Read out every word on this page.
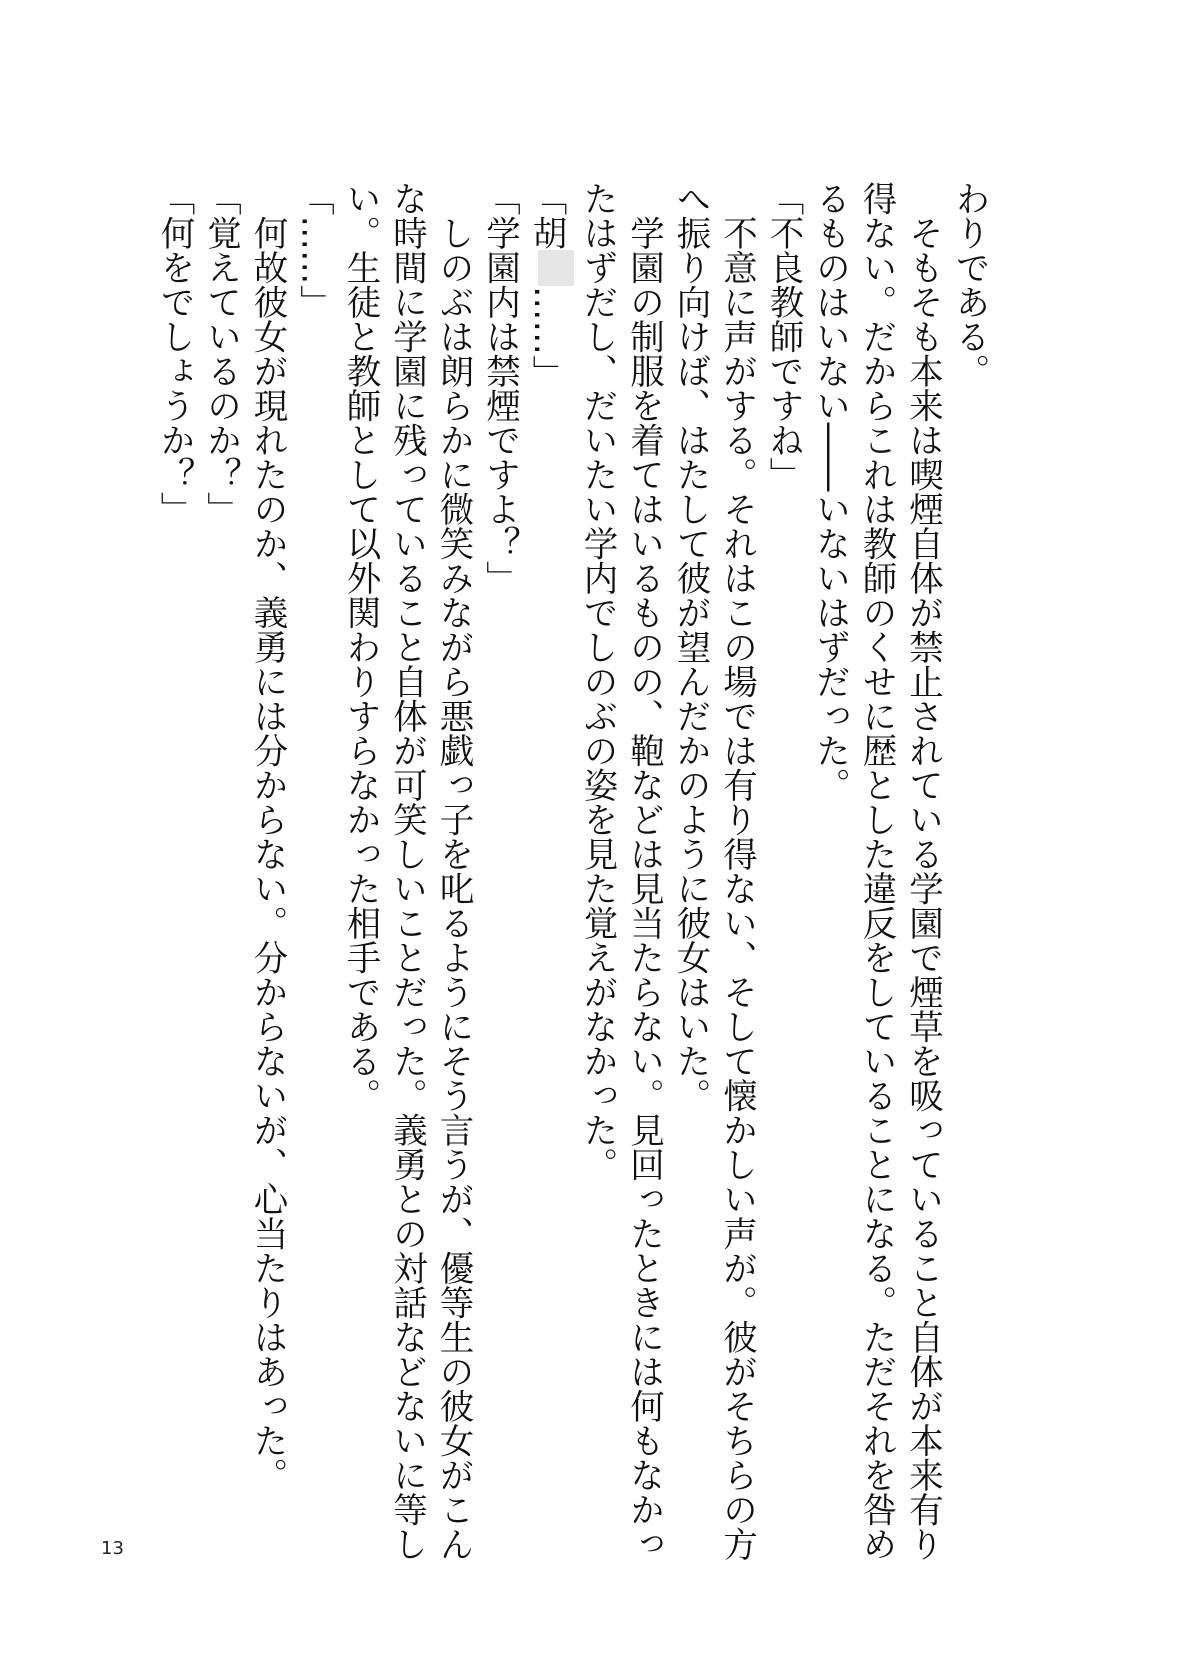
わりである。
　そもそも本来は喫煙自体が禁止されている学園で煙草を吸っていること自体が本来有り
得ない。だからこれは教師のくせに歴とした違反をしていることになる。ただそれを咎め
るものはいない――いないはずだった。
「不良教師ですね」
　不意に声がする。それはこの場では有り得ない、そして懐かしい声が。彼がそちらの方
へ振り向けば、はたして彼が望んだかのように彼女はいた。
　学園の制服を着てはいるものの、鞄などは見当たらない。見回ったときには何もなかっ
たはずだし、だいたい学内でしのぶの姿を見た覚えがなかった。
「胡……」
「学園内は禁煙ですよ？」
　しのぶは朗らかに微笑みながら悪戯っ子を叱るようにそう言うが、優等生の彼女がこん
な時間に学園に残っていること自体が可笑しいことだった。義勇との対話などないに等し
い。生徒と教師として以外関わりすらなかった相手である。
「……」
　何故彼女が現れたのか、義勇には分からない。分からないが、心当たりはあった。
「覚えているのか？」
「何をでしょうか？」
13
